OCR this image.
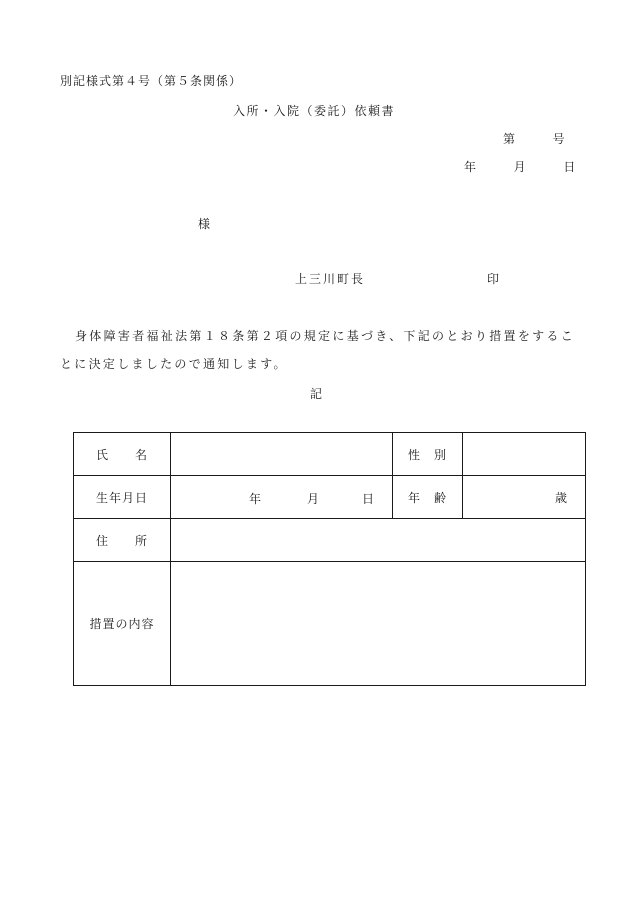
別記様式第４号（第５条関係）
入所・入院（委託）依頼書
第	号
年	月	日
様
上三川町長	印
身体障害者福祉法第１８条第２項の規定に基づき、下記のとおり措置をすることに決定しましたので通知します。
記
氏　　名		性　別	
生年月日	年 月 日	年　齢	歳
住　　所			
措置の内容			
